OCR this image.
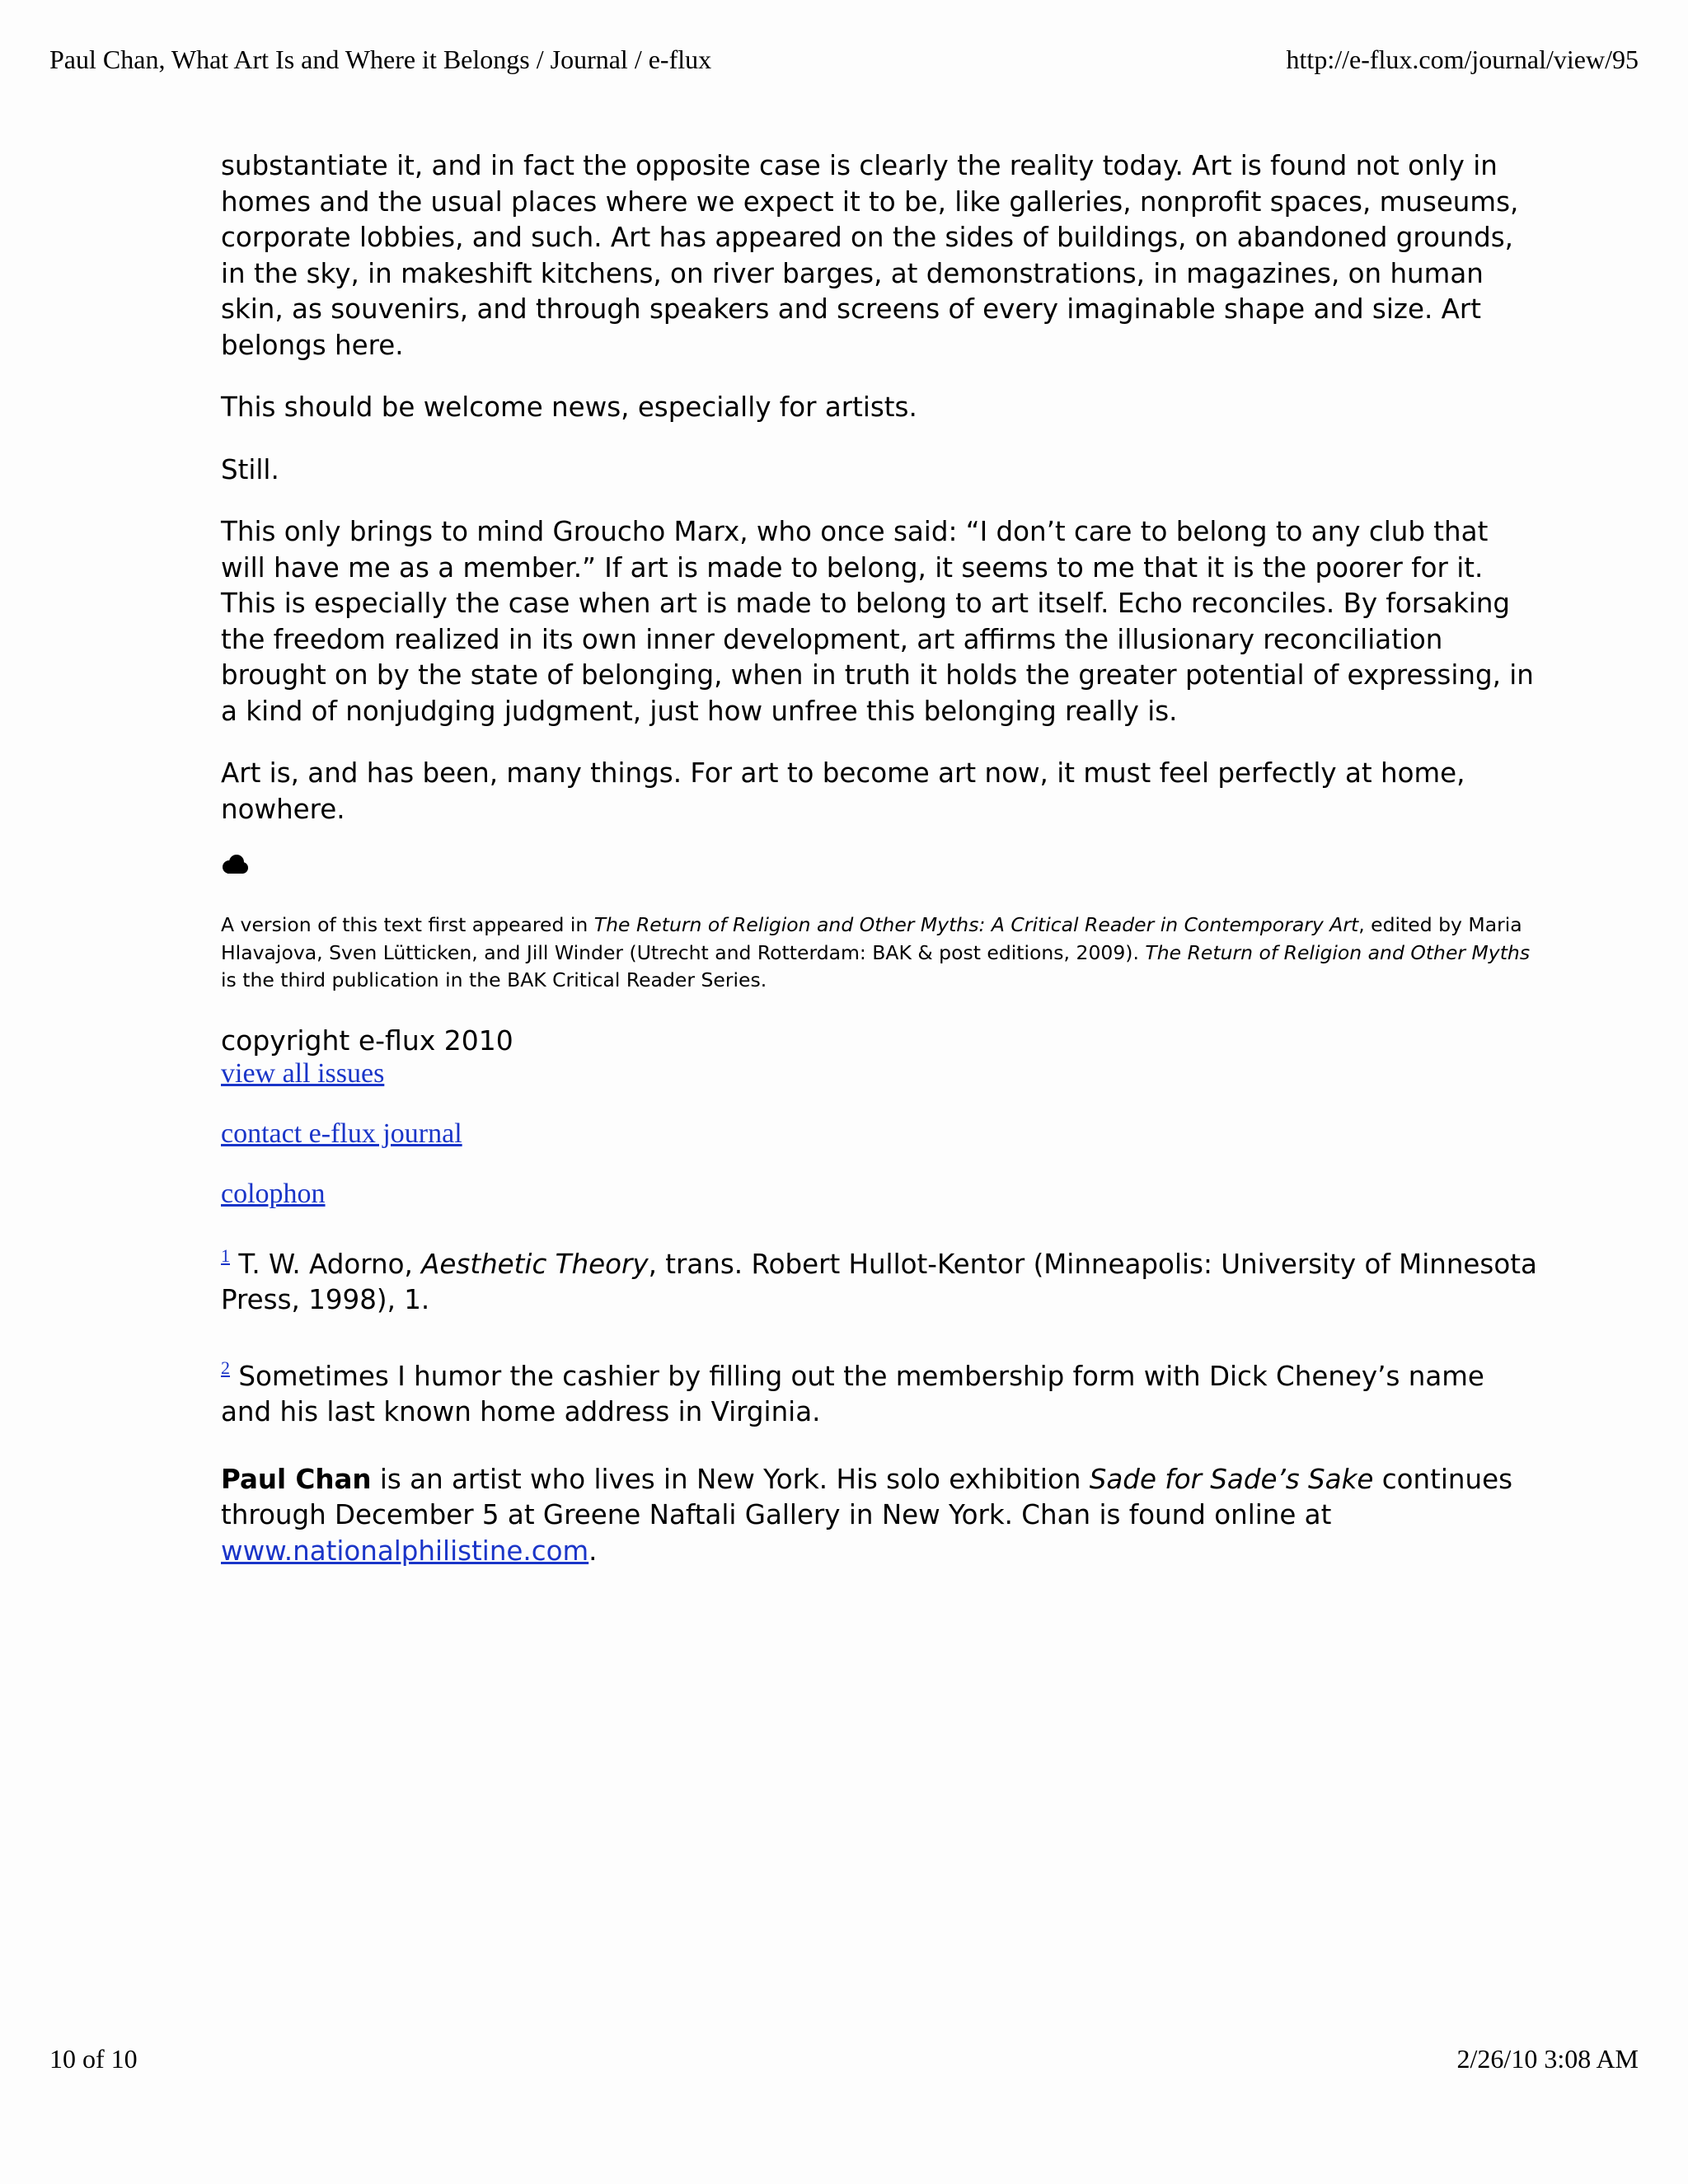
Paul Chan, What Art Is and Where it Belongs / Journal / e-flux	http://e-flux.com/journal/view/95

substantiate it, and in fact the opposite case is clearly the reality today. Art is found not only in homes and the usual places where we expect it to be, like galleries, nonprofit spaces, museums, corporate lobbies, and such. Art has appeared on the sides of buildings, on abandoned grounds, in the sky, in makeshift kitchens, on river barges, at demonstrations, in magazines, on human skin, as souvenirs, and through speakers and screens of every imaginable shape and size. Art belongs here.

This should be welcome news, especially for artists.

Still.

This only brings to mind Groucho Marx, who once said: “I don’t care to belong to any club that will have me as a member.” If art is made to belong, it seems to me that it is the poorer for it. This is especially the case when art is made to belong to art itself. Echo reconciles. By forsaking the freedom realized in its own inner development, art affirms the illusionary reconciliation brought on by the state of belonging, when in truth it holds the greater potential of expressing, in a kind of nonjudging judgment, just how unfree this belonging really is.

Art is, and has been, many things. For art to become art now, it must feel perfectly at home, nowhere.

A version of this text first appeared in The Return of Religion and Other Myths: A Critical Reader in Contemporary Art, edited by Maria Hlavajova, Sven Lütticken, and Jill Winder (Utrecht and Rotterdam: BAK & post editions, 2009). The Return of Religion and Other Myths is the third publication in the BAK Critical Reader Series.

copyright e-flux 2010

view all issues
contact e-flux journal
colophon

$^1$ T. W. Adorno, Aesthetic Theory, trans. Robert Hullot-Kentor (Minneapolis: University of Minnesota Press, 1998), 1.

$^2$ Sometimes I humor the cashier by filling out the membership form with Dick Cheney’s name and his last known home address in Virginia.

Paul Chan is an artist who lives in New York. His solo exhibition Sade for Sade’s Sake continues through December 5 at Greene Naftali Gallery in New York. Chan is found online at www.nationalphilistine.com.

10 of 10	2/26/10 3:08 AM
